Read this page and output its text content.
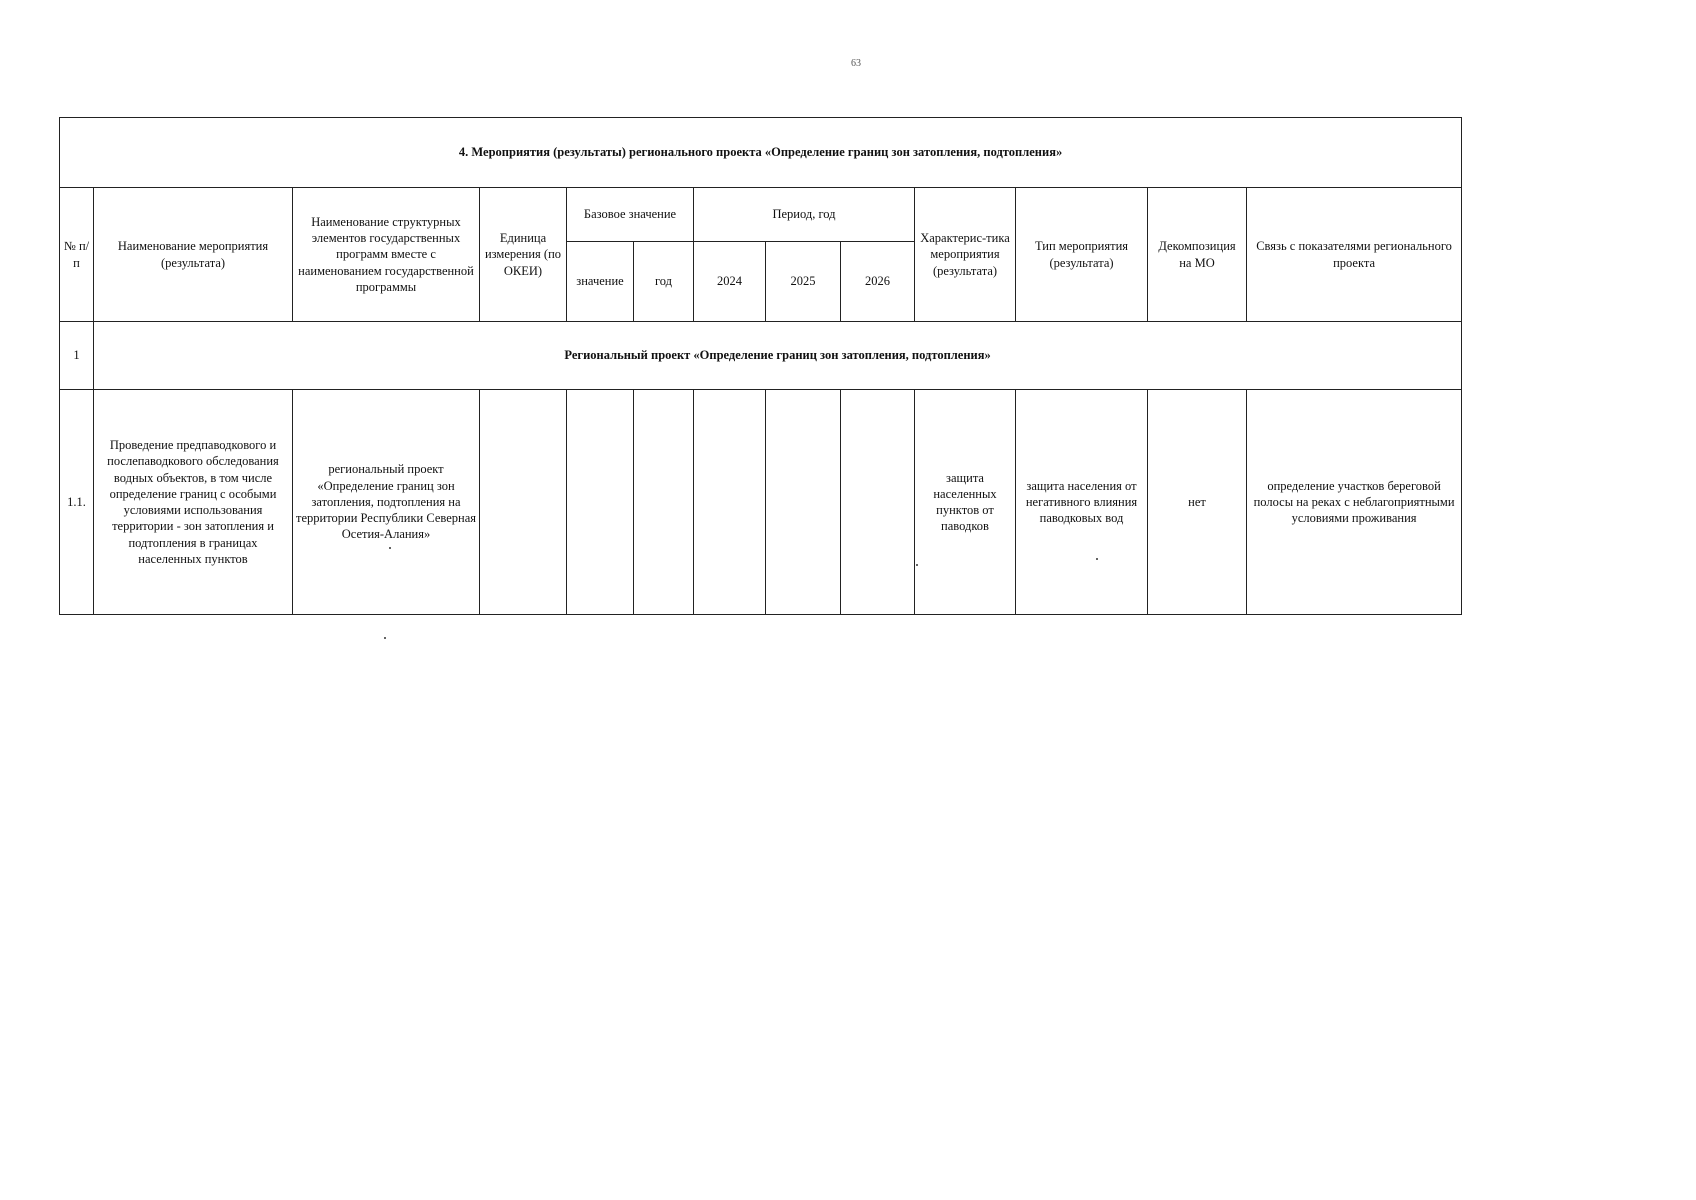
63
4. Мероприятия (результаты) регионального проекта «Определение границ зон затопления, подтопления»												
№ п/п	Наименование мероприятия (результата)	Наименование структурных элементов государственных программ вместе с наименованием государственной программы	Единица измерения (по ОКЕИ)	Базовое значение		Период, год			Характерис-тика мероприятия (результата)	Тип мероприятия (результата)	Декомпозиция на МО	Связь с показателями регионального проекта
				значение	год	2024	2025	2026				
1	Региональный проект «Определение границ зон затопления, подтопления»											
1.1.	Проведение предпаводкового и послепаводкового обследования водных объектов, в том числе определение границ с особыми условиями использования территории - зон затопления и подтопления в границах населенных пунктов	региональный проект «Определение границ зон затопления, подтопления на территории Республики Северная Осетия-Алания»							защита населенных пунктов от паводков	защита населения от негативного влияния паводковых вод	нет	определение участков береговой полосы на реках с неблагоприятными условиями проживания
